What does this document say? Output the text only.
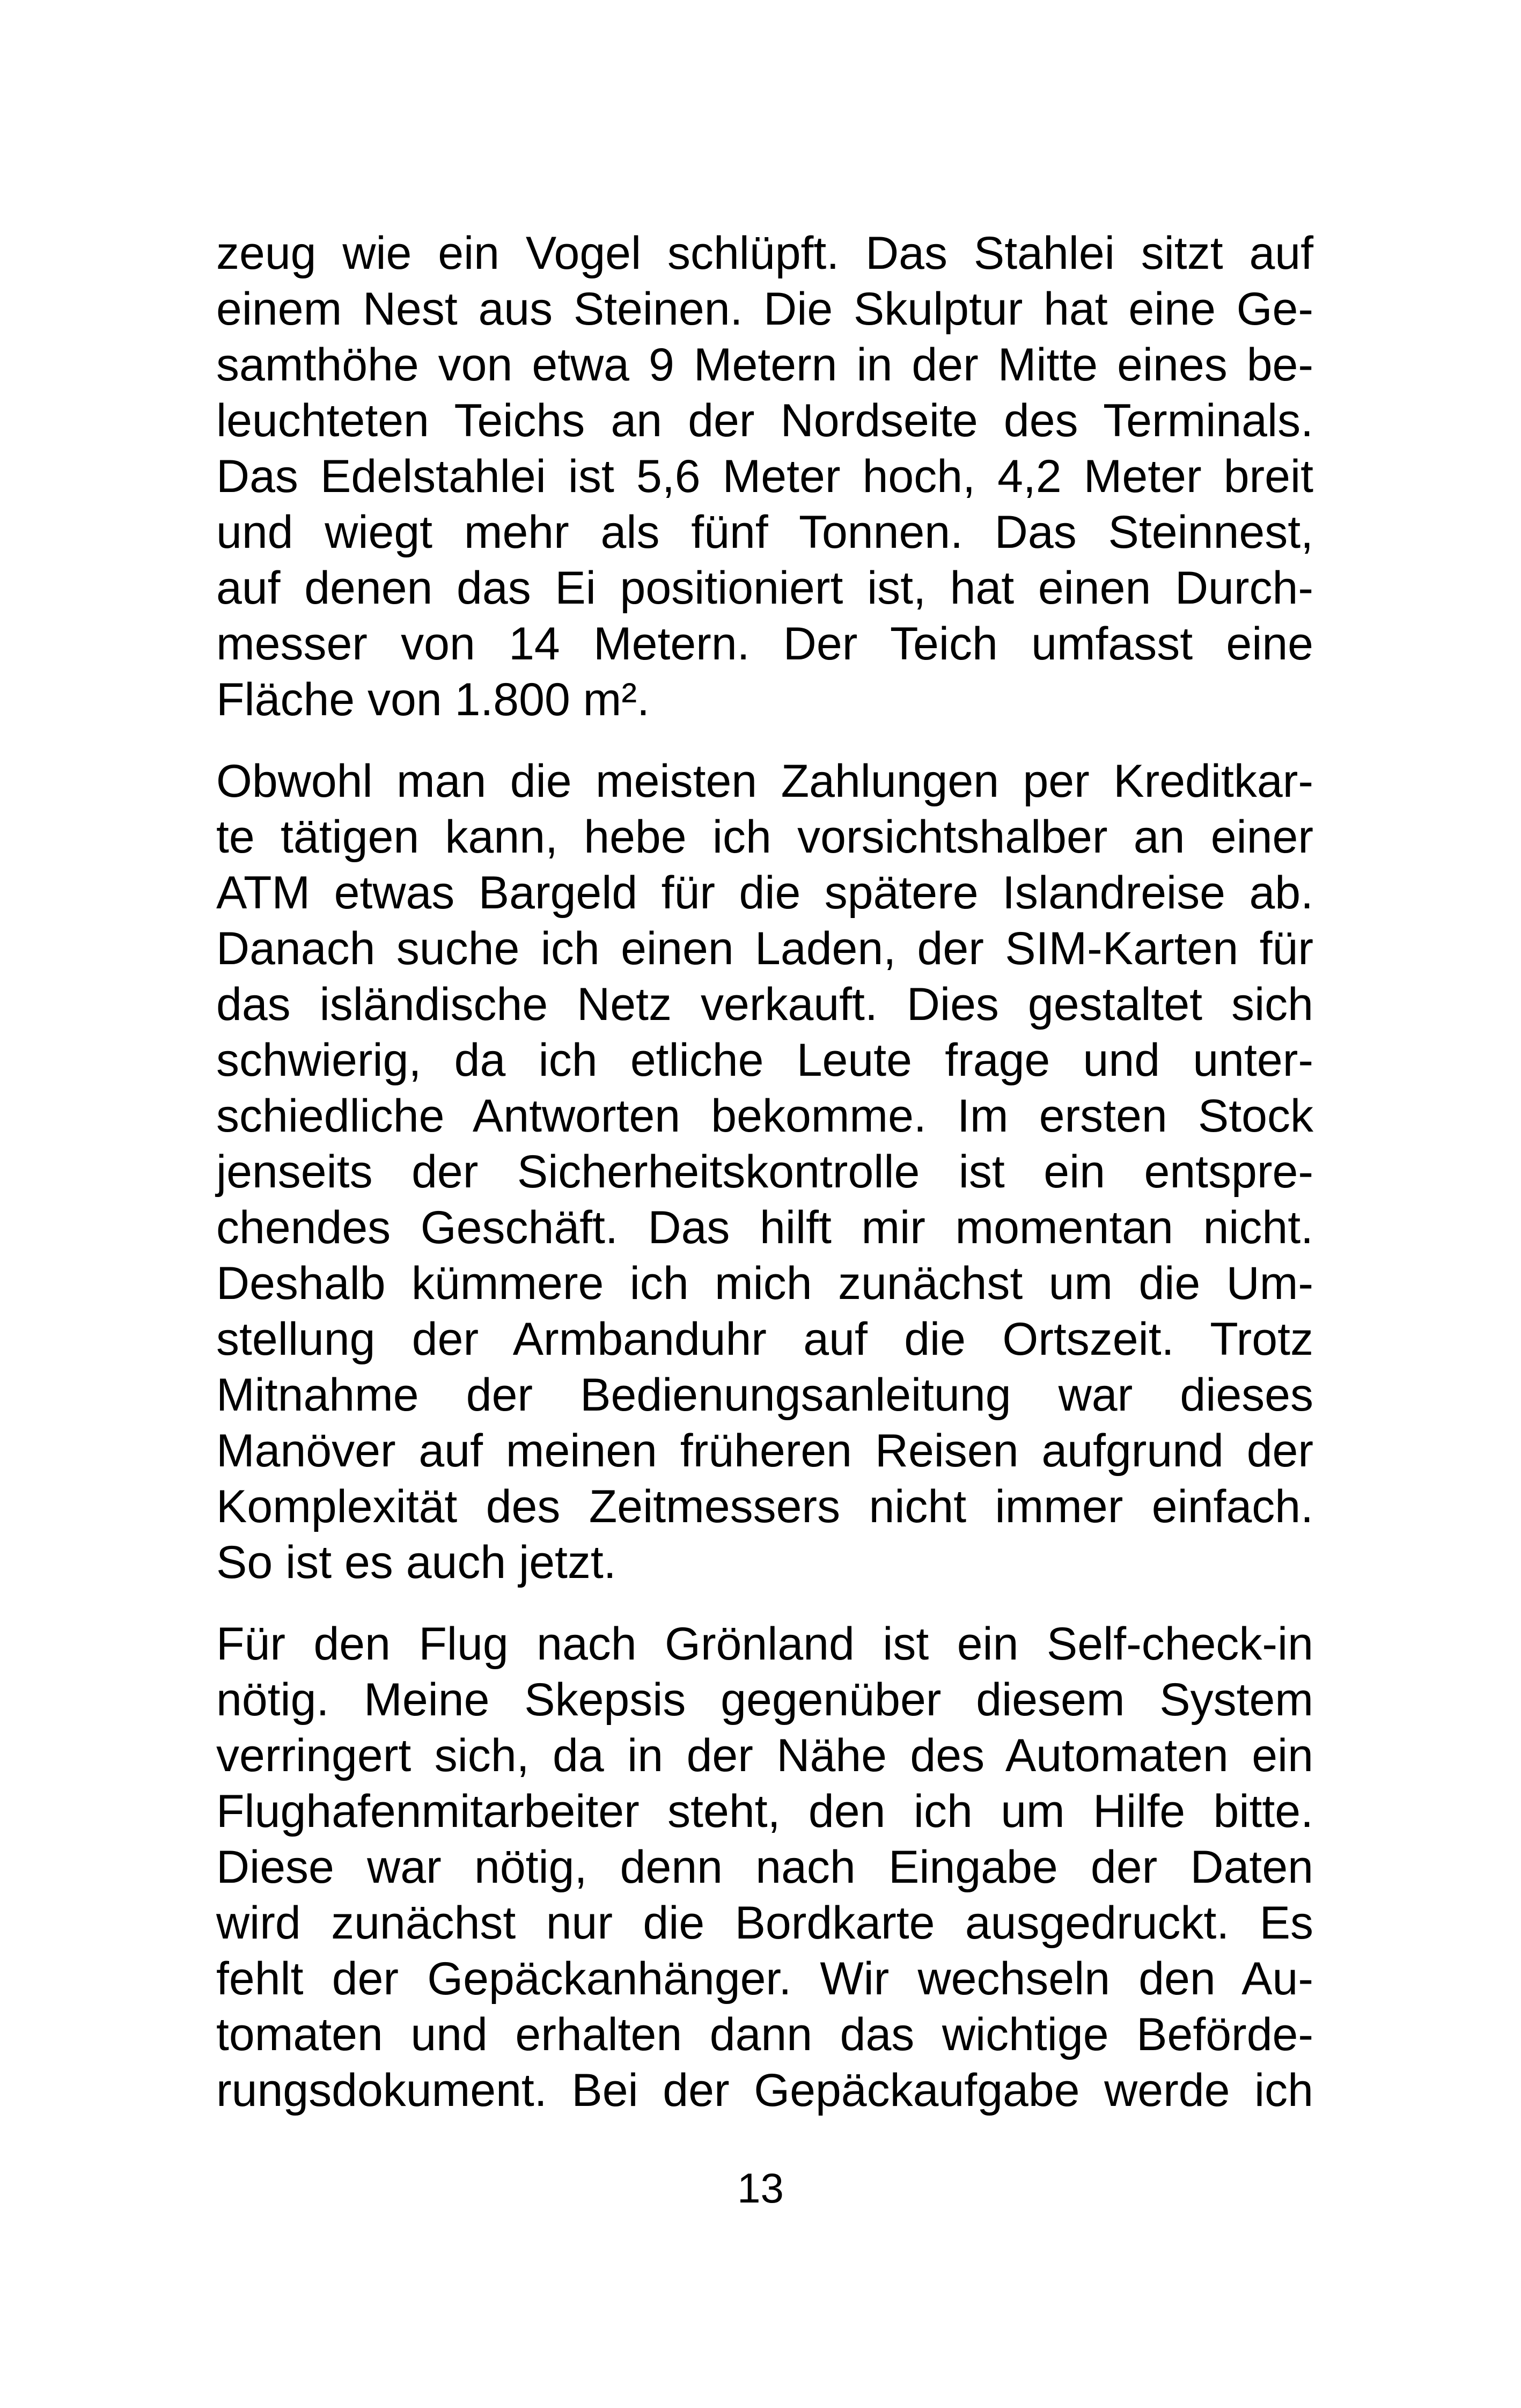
zeug wie ein Vogel schlüpft. Das Stahlei sitzt auf
einem Nest aus Steinen. Die Skulptur hat eine Ge-
samthöhe von etwa 9 Metern in der Mitte eines be-
leuchteten Teichs an der Nordseite des Terminals.
Das Edelstahlei ist 5,6 Meter hoch, 4,2 Meter breit
und wiegt mehr als fünf Tonnen. Das Steinnest,
auf denen das Ei positioniert ist, hat einen Durch-
messer von 14 Metern. Der Teich umfasst eine
Fläche von 1.800 m².
Obwohl man die meisten Zahlungen per Kreditkar-
te tätigen kann, hebe ich vorsichtshalber an einer
ATM etwas Bargeld für die spätere Islandreise ab.
Danach suche ich einen Laden, der SIM-Karten für
das isländische Netz verkauft. Dies gestaltet sich
schwierig, da ich etliche Leute frage und unter-
schiedliche Antworten bekomme. Im ersten Stock
jenseits der Sicherheitskontrolle ist ein entspre-
chendes Geschäft. Das hilft mir momentan nicht.
Deshalb kümmere ich mich zunächst um die Um-
stellung der Armbanduhr auf die Ortszeit. Trotz
Mitnahme der Bedienungsanleitung war dieses
Manöver auf meinen früheren Reisen aufgrund der
Komplexität des Zeitmessers nicht immer einfach.
So ist es auch jetzt.
Für den Flug nach Grönland ist ein Self-check-in
nötig. Meine Skepsis gegenüber diesem System
verringert sich, da in der Nähe des Automaten ein
Flughafenmitarbeiter steht, den ich um Hilfe bitte.
Diese war nötig, denn nach Eingabe der Daten
wird zunächst nur die Bordkarte ausgedruckt. Es
fehlt der Gepäckanhänger. Wir wechseln den Au-
tomaten und erhalten dann das wichtige Beförde-
rungsdokument. Bei der Gepäckaufgabe werde ich
13
